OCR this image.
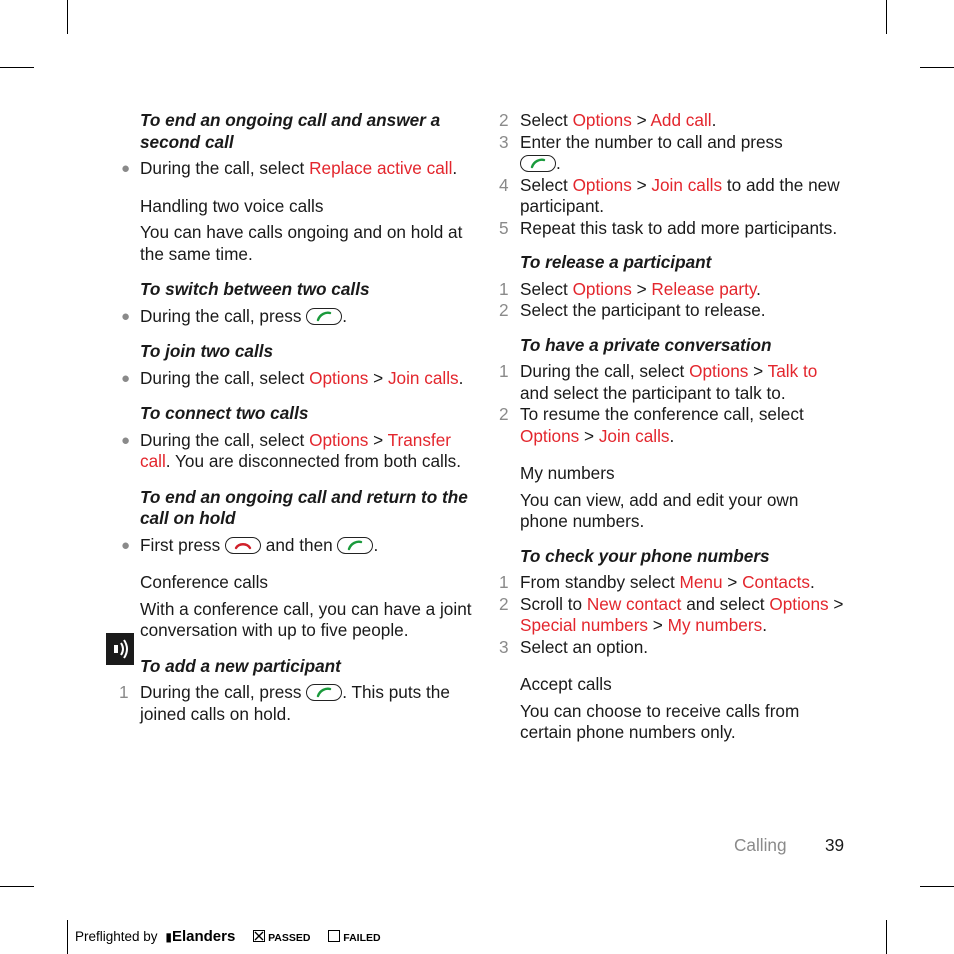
To end an ongoing call and answer a second call

● During the call, select Replace active call.

Handling two voice calls

You can have calls ongoing and on hold at the same time.

To switch between two calls

● During the call, press .

To join two calls

● During the call, select Options > Join calls.

To connect two calls

● During the call, select Options > Transfer call. You are disconnected from both calls.

To end an ongoing call and return to the call on hold

● First press	and then .

Conference calls

With a conference call, you can have a joint conversation with up to five people.

To add a new participant

1 During the call, press . This puts the joined calls on hold.
2 Select Options > Add call.
3 Enter the number to call and press

.
4 Select Options > Join calls to add the new participant.
5 Repeat this task to add more participants.

To release a participant

1 Select Options > Release party.
2 Select the participant to release.

To have a private conversation

1 During the call, select Options > Talk to and select the participant to talk to.
2 To resume the conference call, select Options > Join calls.

My numbers

You can view, add and edit your own phone numbers.

To check your phone numbers

1 From standby select Menu > Contacts.
2 Scroll to New contact and select Options > Special numbers > My numbers.
3 Select an option.

Accept calls

You can choose to receive calls from certain phone numbers only.

Calling 39
Preflighted by ▮Elanders	PASSED	FAILED
